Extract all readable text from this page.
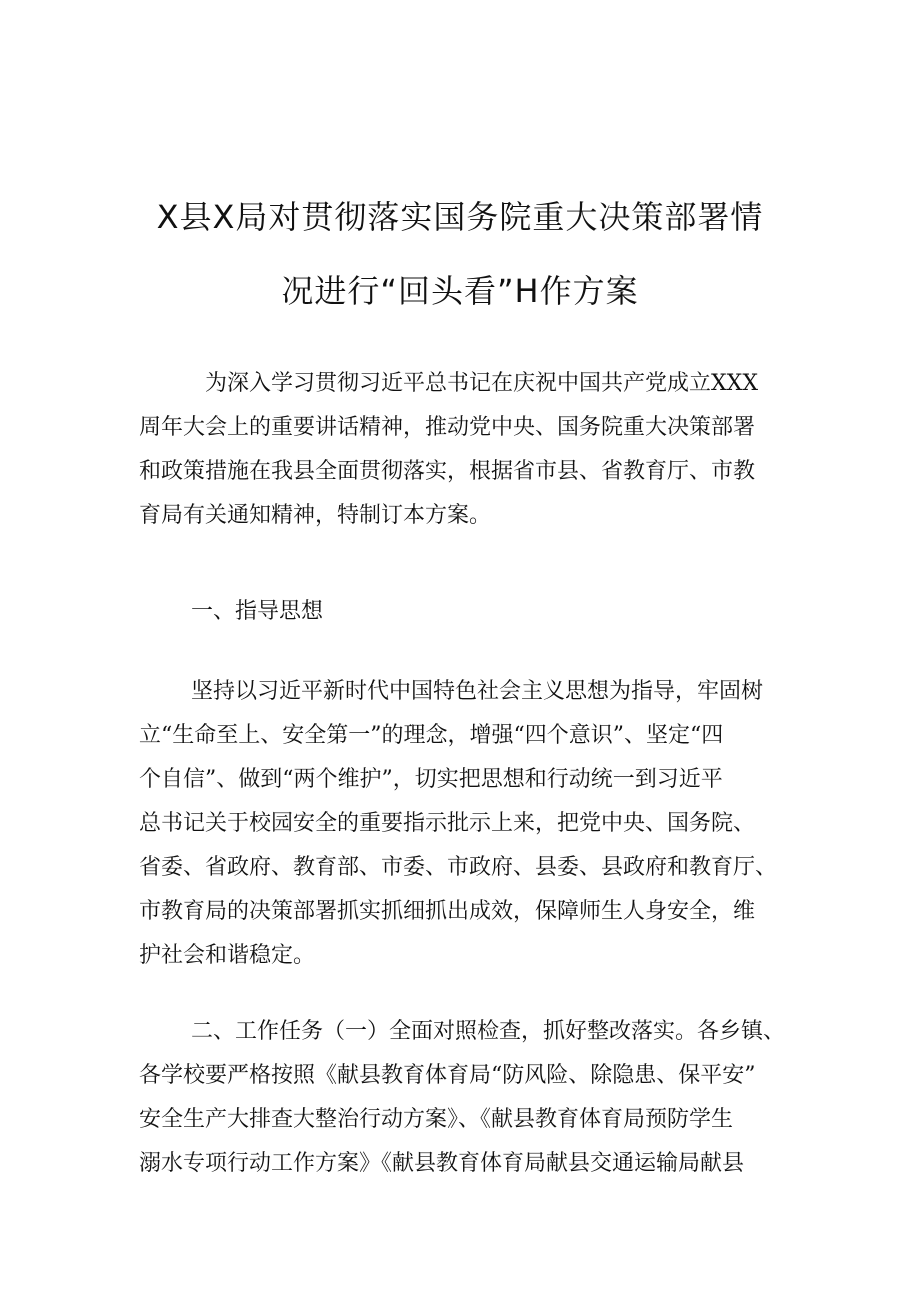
X县X局对贯彻落实国务院重大决策部署情
况进行“回头看”H作方案
为深入学习贯彻习近平总书记在庆祝中国共产党成立XXX
周年大会上的重要讲话精神，推动党中央、国务院重大决策部署
和政策措施在我县全面贯彻落实，根据省市县、省教育厅、市教
育局有关通知精神，特制订本方案。
一、指导思想
坚持以习近平新时代中国特色社会主义思想为指导，牢固树
立“生命至上、安全第一”的理念，增强“四个意识”、坚定“四
个自信”、做到“两个维护”，切实把思想和行动统一到习近平
总书记关于校园安全的重要指示批示上来，把党中央、国务院、
省委、省政府、教育部、市委、市政府、县委、县政府和教育厅、
市教育局的决策部署抓实抓细抓出成效，保障师生人身安全，维
护社会和谐稳定。
二、工作任务（一）全面对照检查，抓好整改落实。各乡镇、
各学校要严格按照《献县教育体育局“防风险、除隐患、保平安”
安全生产大排查大整治行动方案》、《献县教育体育局预防学生
溺水专项行动工作方案》《献县教育体育局献县交通运输局献县
